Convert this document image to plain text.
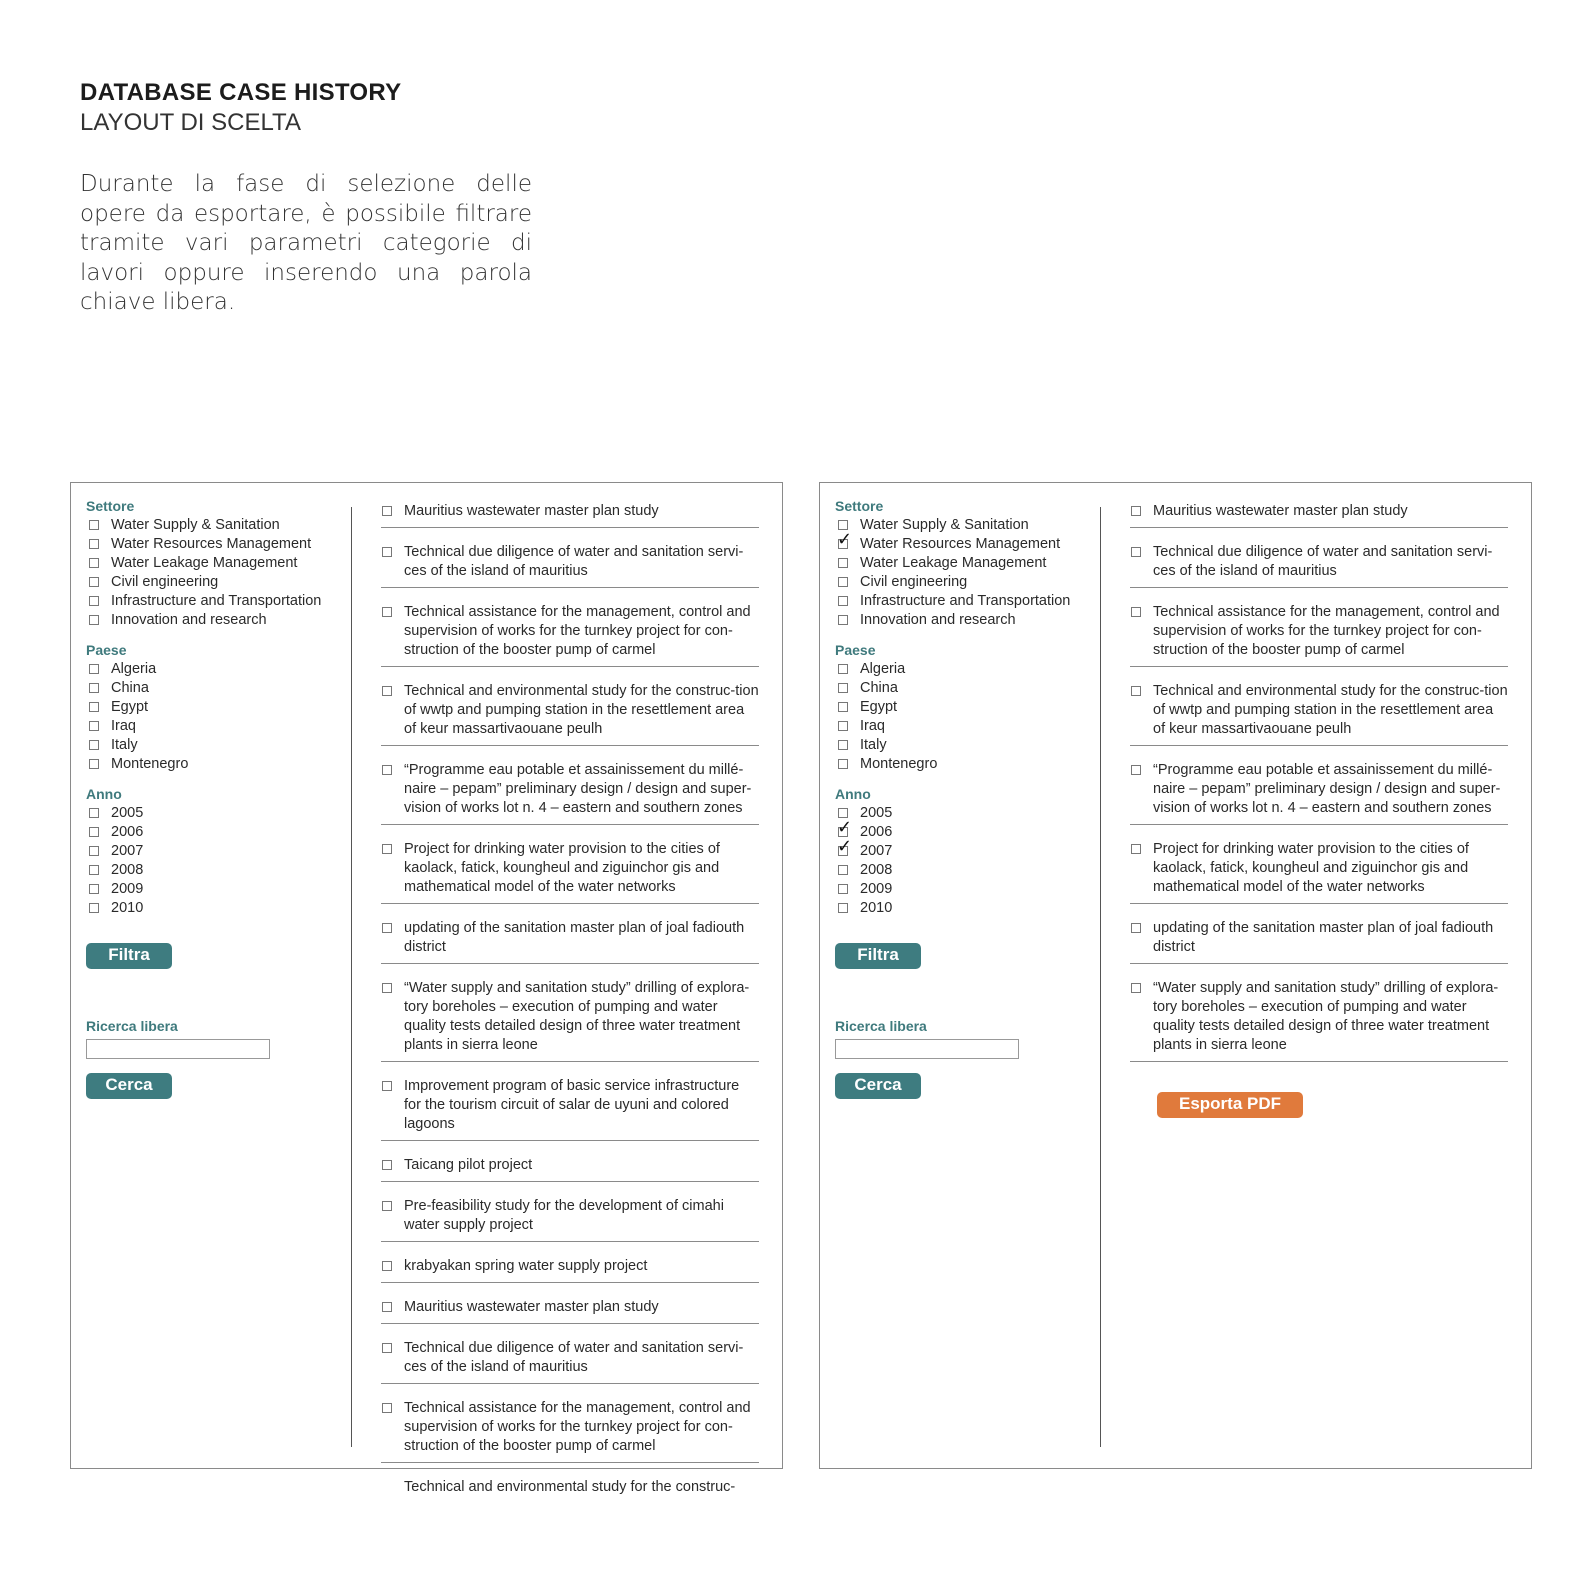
DATABASE CASE HISTORY
LAYOUT DI SCELTA
Durante la fase di selezione delle opere da esportare, è possibile filtrare tramite vari parametri categorie di lavori oppure inserendo una parola chiave libera.
Settore
Water Supply & Sanitation
Water Resources Management
Water Leakage Management
Civil engineering
Infrastructure and Transportation
Innovation and research
Paese
Algeria
China
Egypt
Iraq
Italy
Montenegro
Anno
2005
2006
2007
2008
2009
2010
Filtra
Ricerca libera
Cerca
Mauritius wastewater master plan study
Technical due diligence of water and sanitation servi-ces of the island of mauritius
Technical assistance for the management, control and supervision of works for the turnkey project for con-struction of the booster pump of carmel
Technical and environmental study for the construc-tion of wwtp and pumping station in the resettlement area of keur massartivaouane peulh
“Programme eau potable et assainissement du millé-naire – pepam” preliminary design / design and super-vision of works lot n. 4 – eastern and southern zones
Project for drinking water provision to the cities of kaolack, fatick, koungheul and ziguinchor gis and mathematical model of the water networks
updating of the sanitation master plan of joal fadiouth district
“Water supply and sanitation study” drilling of explora-tory boreholes – execution of pumping and water quality tests detailed design of three water treatment plants in sierra leone
Improvement program of basic service infrastructure for the tourism circuit of salar de uyuni and colored lagoons
Taicang pilot project
Pre-feasibility study for the development of cimahi water supply project
krabyakan spring water supply project
Mauritius wastewater master plan study
Technical due diligence of water and sanitation servi-ces of the island of mauritius
Technical assistance for the management, control and supervision of works for the turnkey project for con-struction of the booster pump of carmel
Technical and environmental study for the construc-
Settore
Water Supply & Sanitation
✓ Water Resources Management
Water Leakage Management
Civil engineering
Infrastructure and Transportation
Innovation and research
Paese
Algeria
China
Egypt
Iraq
Italy
Montenegro
Anno
2005
✓ 2006
✓ 2007
2008
2009
2010
Filtra
Ricerca libera
Cerca
Mauritius wastewater master plan study
Technical due diligence of water and sanitation servi-ces of the island of mauritius
Technical assistance for the management, control and supervision of works for the turnkey project for con-struction of the booster pump of carmel
Technical and environmental study for the construc-tion of wwtp and pumping station in the resettlement area of keur massartivaouane peulh
“Programme eau potable et assainissement du millé-naire – pepam” preliminary design / design and super-vision of works lot n. 4 – eastern and southern zones
Project for drinking water provision to the cities of kaolack, fatick, koungheul and ziguinchor gis and mathematical model of the water networks
updating of the sanitation master plan of joal fadiouth district
“Water supply and sanitation study” drilling of explora-tory boreholes – execution of pumping and water quality tests detailed design of three water treatment plants in sierra leone
Esporta PDF
